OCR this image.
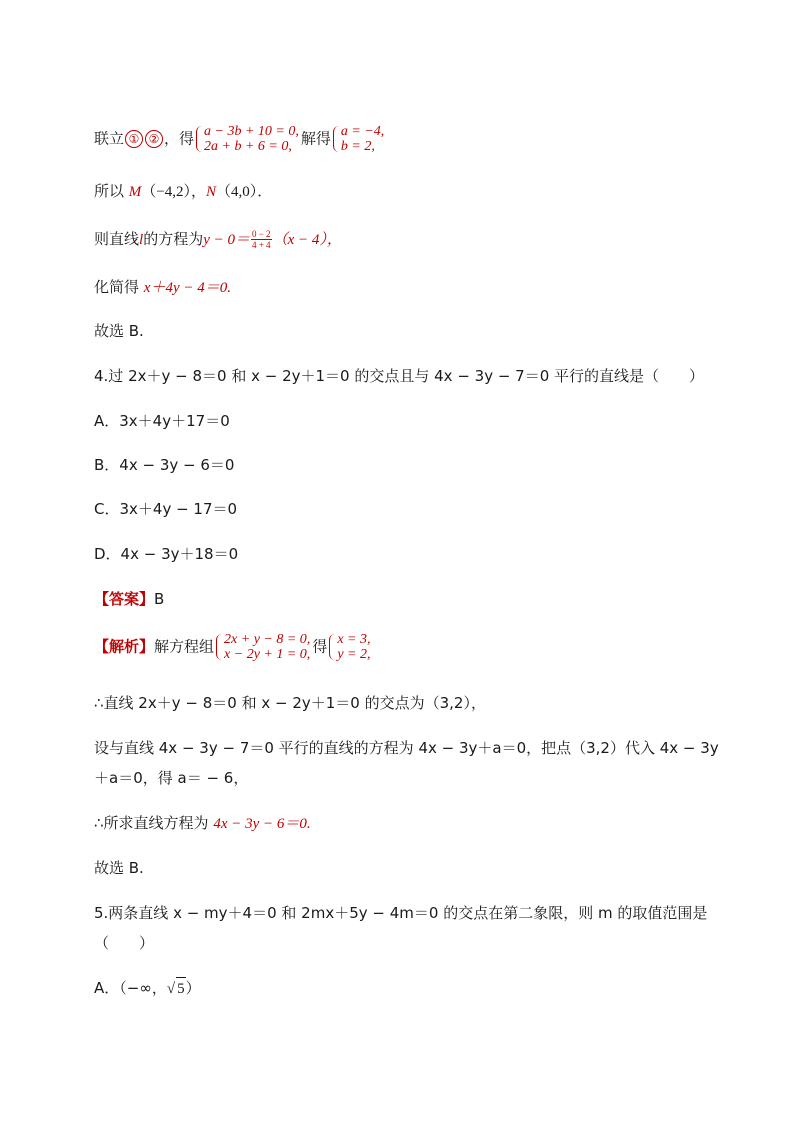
联立 ① ② ，得 a − 3b + 10 = 0,
2a + b + 6 = 0, 解得 a = −4,
b = 2,
所以 M（−4,2），N（4,0）．
则直线l的方程为$y - 0= \frac{0 - 2}{4 + 4} (x - 4)$，
化简得 x＋4y − 4＝0.
故选 B.
4.过 2x＋y − 8＝0 和 x − 2y＋1＝0 的交点且与 4x − 3y − 7＝0 平行的直线是（　　）
A．3x＋4y＋17＝0
B．4x − 3y − 6＝0
C．3x＋4y − 17＝0
D．4x − 3y＋18＝0
【答案】B
【解析】解方程组 2x + y − 8 = 0,
x − 2y + 1 = 0, 得 x = 3,
y = 2,
∴直线 2x＋y − 8＝0 和 x − 2y＋1＝0 的交点为（3,2），
设与直线 4x − 3y − 7＝0 平行的直线的方程为 4x − 3y＋a＝0，把点（3,2）代入 4x − 3y
＋a＝0，得 a＝ − 6，
∴所求直线方程为 4x − 3y − 6＝0.
故选 B.
5.两条直线 x − my＋4＝0 和 2mx＋5y − 4m＝0 的交点在第二象限，则 m 的取值范围是
（　　）
A．（−∞，√ 5）
